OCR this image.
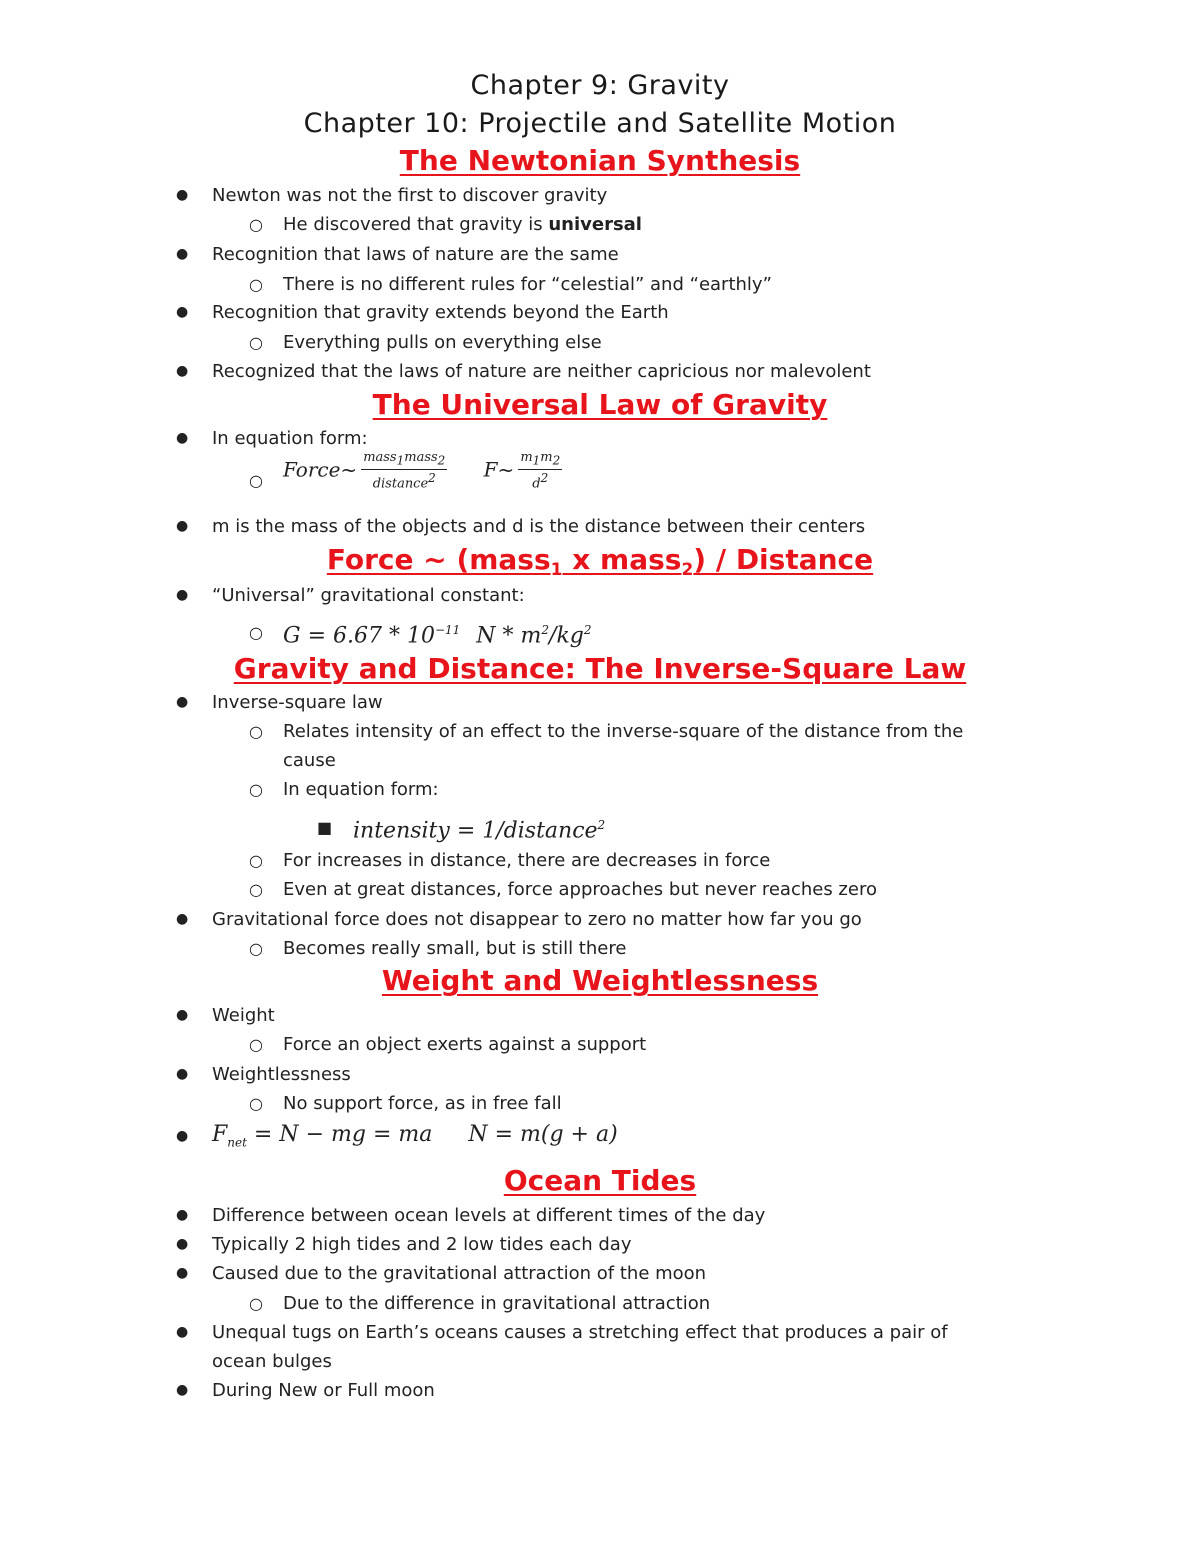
Chapter 9: Gravity
Chapter 10: Projectile and Satellite Motion
The Newtonian Synthesis
● Newton was not the first to discover gravity
○ He discovered that gravity is universal
● Recognition that laws of nature are the same
○ There is no different rules for “celestial” and “earthly”
● Recognition that gravity extends beyond the Earth
○ Everything pulls on everything else
● Recognized that the laws of nature are neither capricious nor malevolent
The Universal Law of Gravity
● In equation form:
○ Force~ $\frac{mass_1mass_2}{distance^2}$ F~ $\frac{m_1m_2}{d^2}$
● m is the mass of the objects and d is the distance between their centers
Force ~ (mass$_1$ x mass$_2$) / Distance
● “Universal” gravitational constant:
○ $G = 6.67 * 10^{-11}$ N * $m^2/kg^2$
Gravity and Distance: The Inverse-Square Law
● Inverse-square law
○ Relates intensity of an effect to the inverse-square of the distance from the
cause
○ In equation form:
■ intensity = 1/distance$^2$
○ For increases in distance, there are decreases in force
○ Even at great distances, force approaches but never reaches zero
● Gravitational force does not disappear to zero no matter how far you go
○ Becomes really small, but is still there
Weight and Weightlessness
● Weight
○ Force an object exerts against a support
● Weightlessness
○ No support force, as in free fall
● $F_{net} = N$ − mg = ma N = m(g + a)
Ocean Tides
● Difference between ocean levels at different times of the day
● Typically 2 high tides and 2 low tides each day
● Caused due to the gravitational attraction of the moon
○ Due to the difference in gravitational attraction
● Unequal tugs on Earth’s oceans causes a stretching effect that produces a pair of
ocean bulges
● During New or Full moon
